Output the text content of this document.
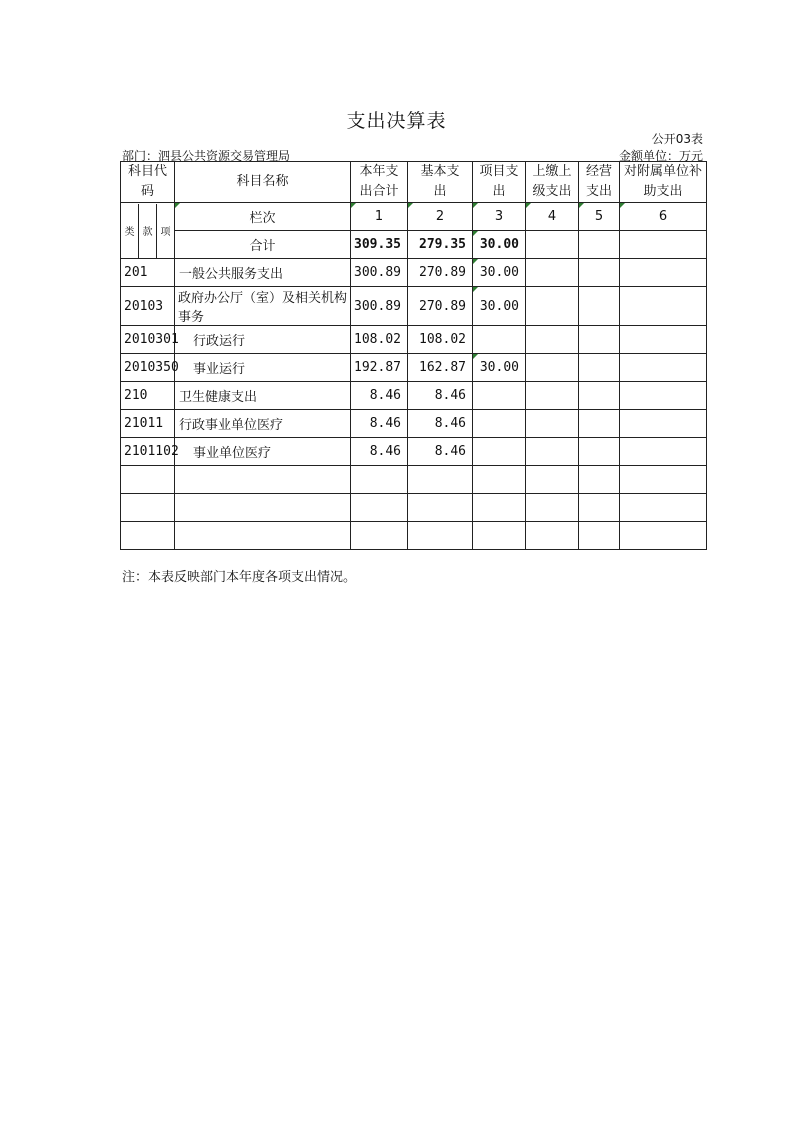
支出决算表
公开03表
部门：泗县公共资源交易管理局	金额单位：万元
科目代码	科目名称	本年支出合计	基本支出	项目支出	上缴上级支出	经营支出	对附属单位补助支出

类 款 项	栏次	1	2	3	4	5	6
	合计	309.35	279.35	30.00			
201	一般公共服务支出	300.89	270.89	30.00			
20103	政府办公厅（室）及相关机构事务	300.89	270.89	30.00			
2010301	行政运行	108.02	108.02				
2010350	事业运行	192.87	162.87	30.00			
210	卫生健康支出	8.46	8.46				
21011	行政事业单位医疗	8.46	8.46				
2101102	事业单位医疗	8.46	8.46				

注：本表反映部门本年度各项支出情况。
